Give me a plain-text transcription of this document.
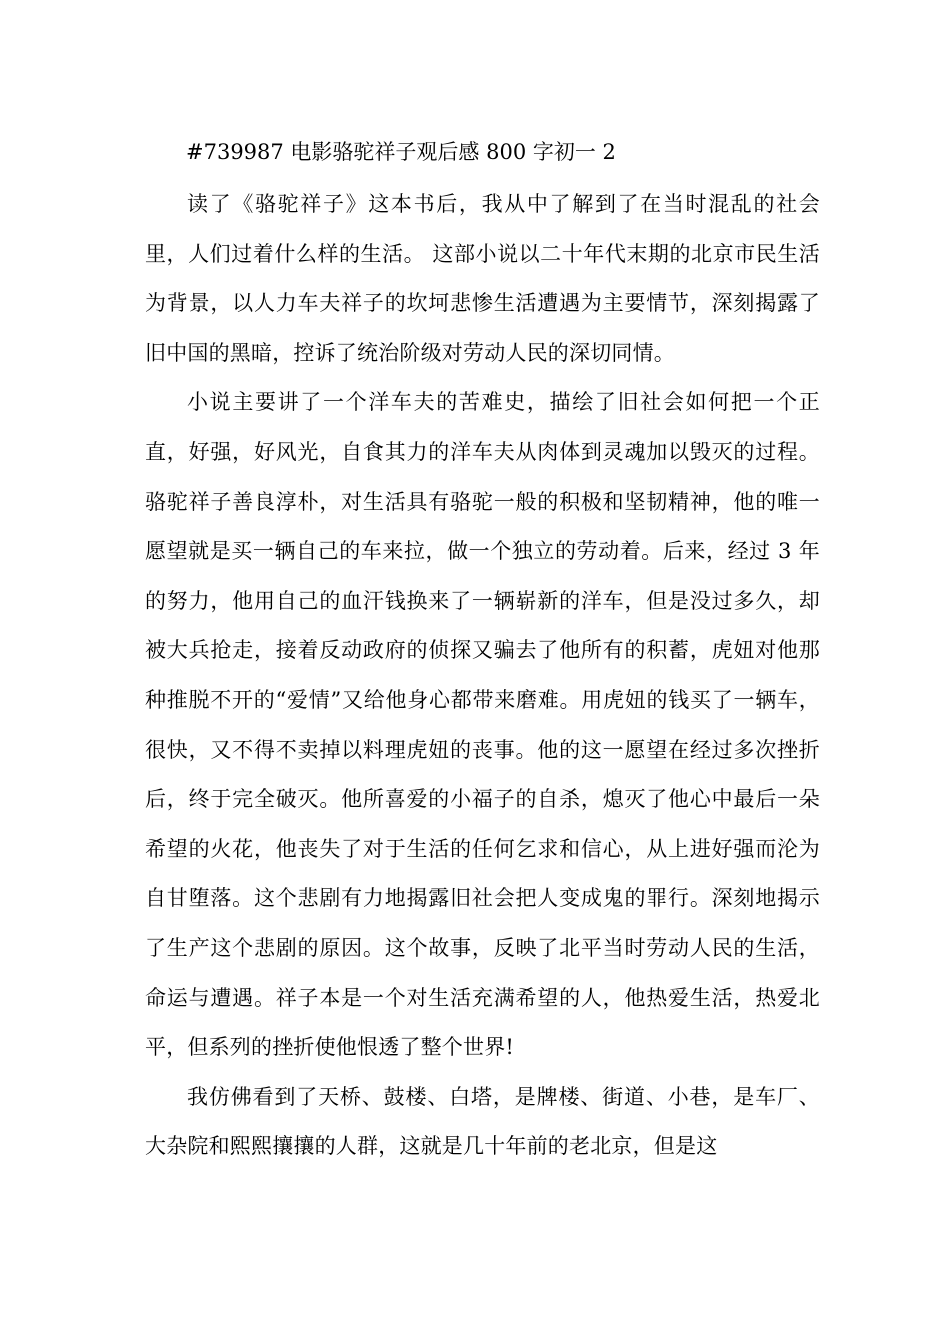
#739987 电影骆驼祥子观后感 800 字初一 2

读了《骆驼祥子》这本书后，我从中了解到了在当时混乱的社会里，人们过着什么样的生活。 这部小说以二十年代末期的北京市民生活为背景，以人力车夫祥子的坎坷悲惨生活遭遇为主要情节，深刻揭露了旧中国的黑暗，控诉了统治阶级对劳动人民的深切同情。

小说主要讲了一个洋车夫的苦难史，描绘了旧社会如何把一个正直，好强，好风光，自食其力的洋车夫从肉体到灵魂加以毁灭的过程。骆驼祥子善良淳朴，对生活具有骆驼一般的积极和坚韧精神，他的唯一愿望就是买一辆自己的车来拉，做一个独立的劳动着。后来，经过 3 年的努力，他用自己的血汗钱换来了一辆崭新的洋车，但是没过多久，却被大兵抢走，接着反动政府的侦探又骗去了他所有的积蓄，虎妞对他那种推脱不开的“爱情”又给他身心都带来磨难。用虎妞的钱买了一辆车，很快，又不得不卖掉以料理虎妞的丧事。他的这一愿望在经过多次挫折后，终于完全破灭。他所喜爱的小福子的自杀，熄灭了他心中最后一朵希望的火花，他丧失了对于生活的任何乞求和信心，从上进好强而沦为自甘堕落。这个悲剧有力地揭露旧社会把人变成鬼的罪行。深刻地揭示了生产这个悲剧的原因。这个故事，反映了北平当时劳动人民的生活，命运与遭遇。祥子本是一个对生活充满希望的人，他热爱生活，热爱北平，但系列的挫折使他恨透了整个世界!

我仿佛看到了天桥、鼓楼、白塔，是牌楼、街道、小巷，是车厂、大杂院和熙熙攘攘的人群，这就是几十年前的老北京，但是这
